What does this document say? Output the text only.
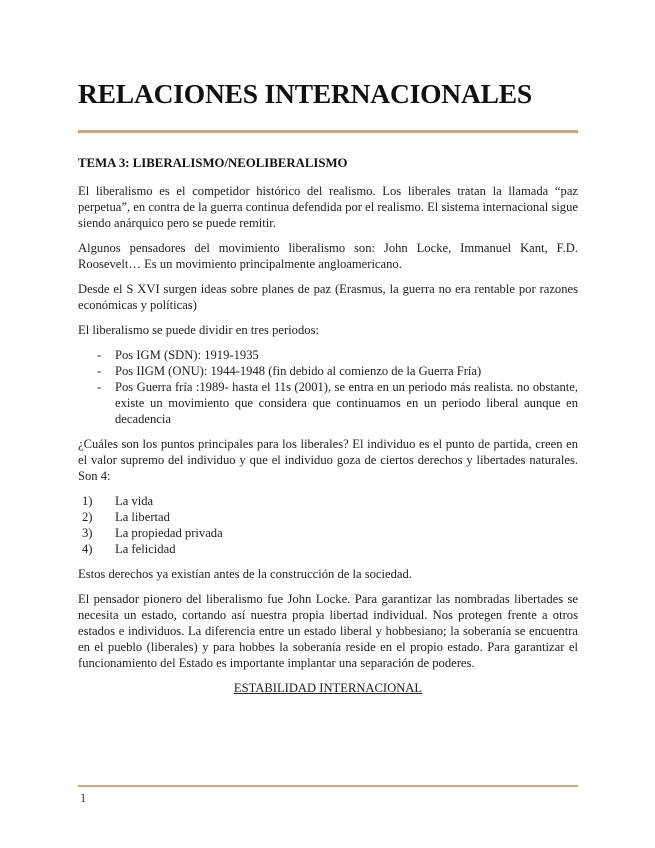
RELACIONES INTERNACIONALES
TEMA 3: LIBERALISMO/NEOLIBERALISMO

El liberalismo es el competidor histórico del realismo. Los liberales tratan la llamada “paz perpetua”, en contra de la guerra continua defendida por el realismo. El sistema internacional sigue siendo anárquico pero se puede remitir.

Algunos pensadores del movimiento liberalismo son: John Locke, Immanuel Kant, F.D. Roosevelt… Es un movimiento principalmente angloamericano.

Desde el S XVI surgen ideas sobre planes de paz (Erasmus, la guerra no era rentable por razones económicas y políticas)

El liberalismo se puede dividir en tres periodos:

- Pos IGM (SDN): 1919-1935
- Pos IIGM (ONU): 1944-1948 (fin debido al comienzo de la Guerra Fría)
- Pos Guerra fría :1989- hasta el 11s (2001), se entra en un periodo más realista. no obstante, existe un movimiento que considera que continuamos en un periodo liberal aunque en decadencia

¿Cuáles son los puntos principales para los liberales? El individuo es el punto de partida, creen en el valor supremo del individuo y que el individuo goza de ciertos derechos y libertades naturales. Son 4:

1) La vida
2) La libertad
3) La propiedad privada
4) La felicidad

Estos derechos ya existían antes de la construcción de la sociedad.

El pensador pionero del liberalismo fue John Locke. Para garantizar las nombradas libertades se necesita un estado, cortando así nuestra propia libertad individual. Nos protegen frente a otros estados e individuos. La diferencia entre un estado liberal y hobbesiano; la soberanía se encuentra en el pueblo (liberales) y para hobbes la soberanía reside en el propio estado. Para garantizar el funcionamiento del Estado es importante implantar una separación de poderes.

ESTABILIDAD INTERNACIONAL
1
